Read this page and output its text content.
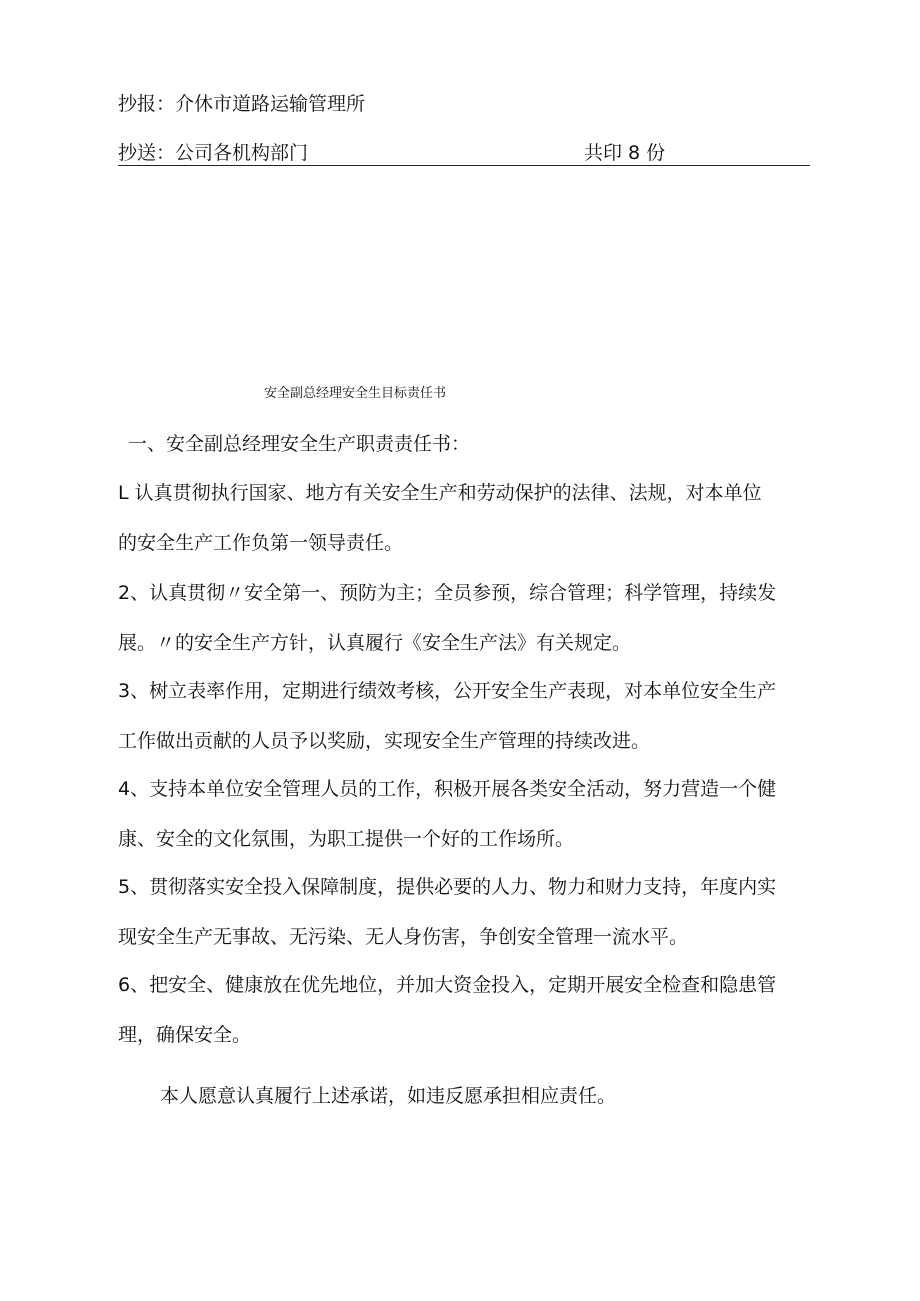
抄报：介休市道路运输管理所
抄送：公司各机构部门	共印 8 份
安全副总经理安全生目标责任书
一、安全副总经理安全生产职责责任书：
L 认真贯彻执行国家、地方有关安全生产和劳动保护的法律、法规，对本单位
的安全生产工作负第一领导责任。
2、认真贯彻〃安全第一、预防为主；全员参预，综合管理；科学管理，持续发
展。〃的安全生产方针，认真履行《安全生产法》有关规定。
3、树立表率作用，定期进行绩效考核，公开安全生产表现，对本单位安全生产
工作做出贡献的人员予以奖励，实现安全生产管理的持续改进。
4、支持本单位安全管理人员的工作，积极开展各类安全活动，努力营造一个健
康、安全的文化氛围，为职工提供一个好的工作场所。
5、贯彻落实安全投入保障制度，提供必要的人力、物力和财力支持，年度内实
现安全生产无事故、无污染、无人身伤害，争创安全管理一流水平。
6、把安全、健康放在优先地位，并加大资金投入，定期开展安全检查和隐患管
理，确保安全。
本人愿意认真履行上述承诺，如违反愿承担相应责任。
